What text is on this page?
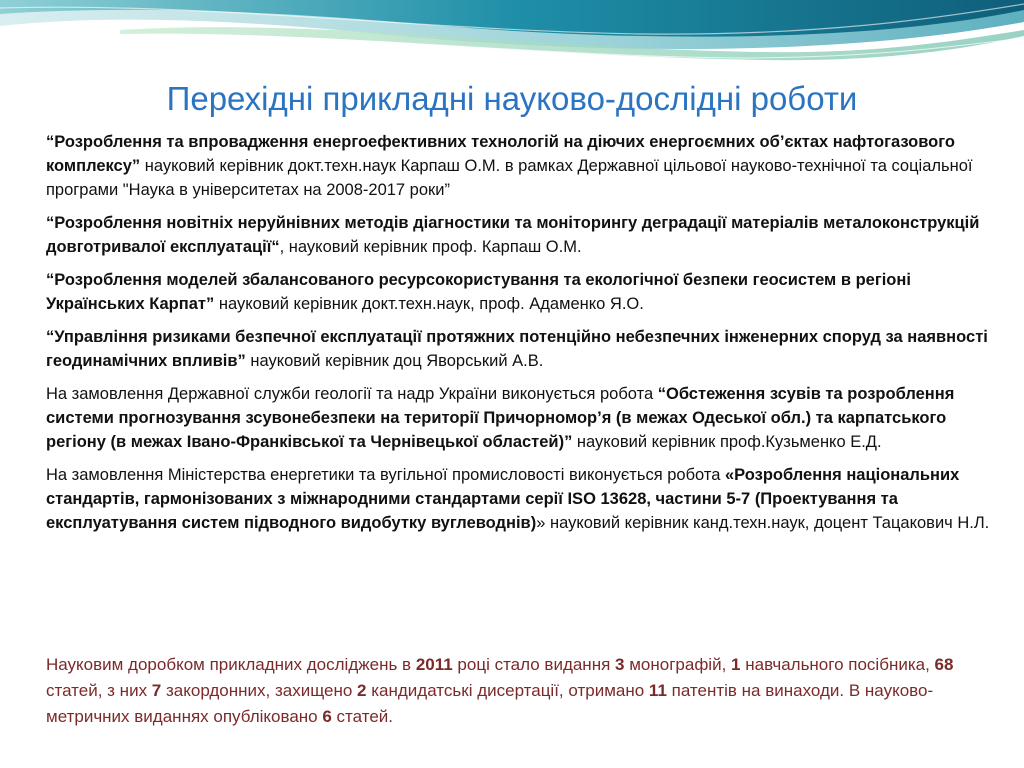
Перехідні прикладні науково-дослідні роботи

“Розроблення та впровадження енергоефективних технологій на діючих енергоємних об’єктах нафтогазового комплексу” науковий керівник докт.техн.наук Карпаш О.М. в рамках Державної цільової науково-технічної та соціальної програми "Наука в університетах на 2008-2017 роки”

“Розроблення новітніх неруйнівних методів діагностики та моніторингу деградації матеріалів металоконструкцій довготривалої експлуатації“, науковий керівник проф. Карпаш О.М.

“Розроблення моделей збалансованого ресурсокористування та екологічної безпеки геосистем в регіоні Українських Карпат” науковий керівник докт.техн.наук, проф. Адаменко Я.О.

“Управління ризиками безпечної експлуатації протяжних потенційно небезпечних інженерних споруд за наявності геодинамічних впливів” науковий керівник доц Яворський А.В.

На замовлення Державної служби геології та надр України виконується робота “Обстеження зсувів та розроблення системи прогнозування зсувонебезпеки на території Причорномор’я (в межах Одеської обл.) та карпатського регіону (в межах Івано-Франківської та Чернівецької областей)” науковий керівник проф.Кузьменко Е.Д.

На замовлення Міністерства енергетики та вугільної промисловості виконується робота «Розроблення національних стандартів, гармонізованих з міжнародними стандартами серії ISO 13628, частини 5-7 (Проектування та експлуатування систем підводного видобутку вуглеводнів)» науковий керівник канд.техн.наук, доцент Тацакович Н.Л.

Науковим доробком прикладних досліджень в 2011 році стало видання 3 монографій, 1 навчального посібника, 68 статей, з них 7 закордонних, захищено 2 кандидатські дисертації, отримано 11 патентів на винаходи. В науково-метричних виданнях опубліковано 6 статей.
